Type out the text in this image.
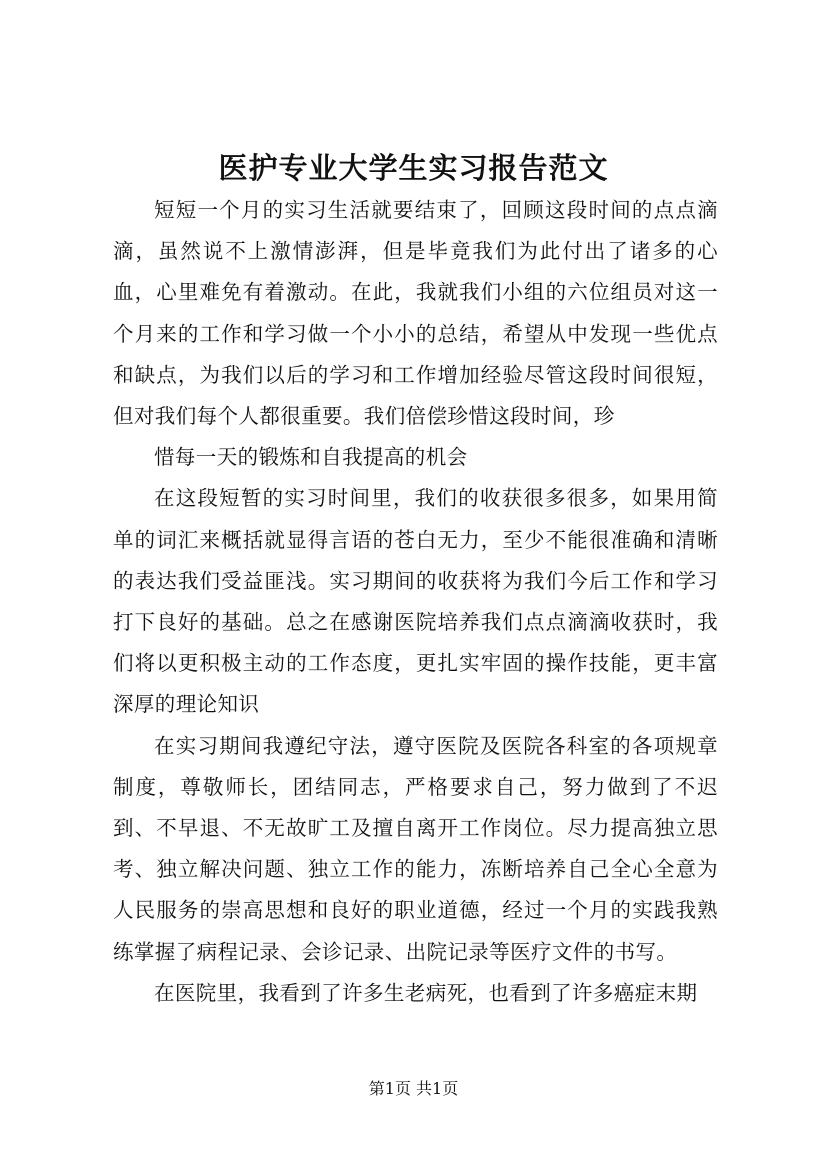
医护专业大学生实习报告范文

短短一个月的实习生活就要结束了，回顾这段时间的点点滴滴，虽然说不上激情澎湃，但是毕竟我们为此付出了诸多的心血，心里难免有着激动。在此，我就我们小组的六位组员对这一个月来的工作和学习做一个小小的总结，希望从中发现一些优点和缺点，为我们以后的学习和工作增加经验尽管这段时间很短，但对我们每个人都很重要。我们倍偿珍惜这段时间，珍

惜每一天的锻炼和自我提高的机会

在这段短暂的实习时间里，我们的收获很多很多，如果用简单的词汇来概括就显得言语的苍白无力，至少不能很准确和清晰的表达我们受益匪浅。实习期间的收获将为我们今后工作和学习打下良好的基础。总之在感谢医院培养我们点点滴滴收获时，我们将以更积极主动的工作态度，更扎实牢固的操作技能，更丰富深厚的理论知识

在实习期间我遵纪守法，遵守医院及医院各科室的各项规章制度，尊敬师长，团结同志，严格要求自己，努力做到了不迟到、不早退、不无故旷工及擅自离开工作岗位。尽力提高独立思考、独立解决问题、独立工作的能力，冻断培养自己全心全意为人民服务的崇高思想和良好的职业道德，经过一个月的实践我熟练掌握了病程记录、会诊记录、出院记录等医疗文件的书写。

在医院里，我看到了许多生老病死，也看到了许多癌症末期

第1页 共1页
